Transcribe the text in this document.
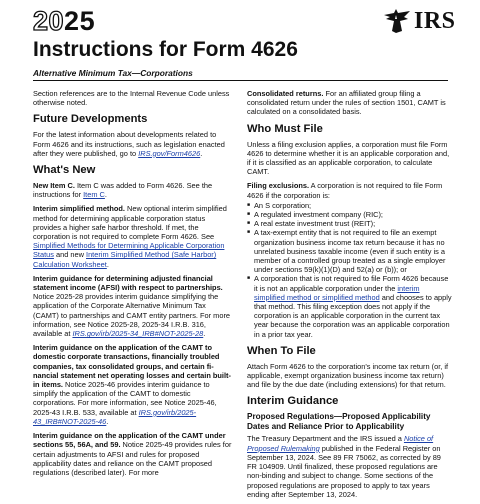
2025	IRS
Instructions for Form 4626
Alternative Minimum Tax—Corporations

Section references are to the Internal Revenue Code unless otherwise noted.

Future Developments

For the latest information about developments related to Form 4626 and its instructions, such as legislation enacted after they were published, go to IRS.gov/Form4626.

What's New

New Item C. Item C was added to Form 4626. See the instructions for Item C.

Interim simplified method. New optional interim simplified method for determining applicable corporation status provides a higher safe harbor threshold. If met, the corporation is not required to complete Form 4626. See Simplified Methods for Determining Applicable Corporation Status and new Interim Simplified Method (Safe Harbor) Calculation Worksheet.

Interim guidance for determining adjusted financial statement income (AFSI) with respect to partnerships. Notice 2025-28 provides interim guidance simplifying the application of the Corporate Alternative Minimum Tax (CAMT) to partnerships and CAMT entity partners. For more information, see Notice 2025-28, 2025-34 I.R.B. 316, available at IRS.gov/irb/2025-34_IRB#NOT-2025-28.

Interim guidance on the application of the CAMT to domestic corporate transactions, financially troubled companies, tax consolidated groups, and certain financial statement net operating losses and certain built-in items. Notice 2025-46 provides interim guidance to simplify the application of the CAMT to domestic corporations. For more information, see Notice 2025-46, 2025-43 I.R.B. 533, available at IRS.gov/irb/2025-43_IRB#NOT-2025-46.

Interim guidance on the application of the CAMT under sections 55, 56A, and 59. Notice 2025-49 provides rules for certain adjustments to AFSI and rules for proposed applicability dates and reliance on the CAMT proposed regulations (described later). For more

Consolidated returns. For an affiliated group filing a consolidated return under the rules of section 1501, CAMT is calculated on a consolidated basis.

Who Must File

Unless a filing exclusion applies, a corporation must file Form 4626 to determine whether it is an applicable corporation and, if it is classified as an applicable corporation, to calculate CAMT.

Filing exclusions. A corporation is not required to file Form 4626 if the corporation is:

■ An S corporation;
■ A regulated investment company (RIC);
■ A real estate investment trust (REIT);
■ A tax-exempt entity that is not required to file an exempt organization business income tax return because it has no unrelated business taxable income (even if such entity is a member of a controlled group treated as a single employer under sections 59(k)(1)(D) and 52(a) or (b)); or
■ A corporation that is not required to file Form 4626 because it is not an applicable corporation under the interim simplified method or simplified method and chooses to apply that method. This filing exception does not apply if the corporation is an applicable corporation in the current tax year because the corporation was an applicable corporation in a prior tax year.
When To File

Attach Form 4626 to the corporation's income tax return (or, if applicable, exempt organization business income tax return) and file by the due date (including extensions) for that return.

Interim Guidance
Proposed Regulations—Proposed Applicability Dates and Reliance Prior to Applicability

The Treasury Department and the IRS issued a Notice of Proposed Rulemaking published in the Federal Register on September 13, 2024. See 89 FR 75062, as corrected by 89 FR 104909. Until finalized, these proposed regulations are non-binding and subject to change. Some sections of the proposed regulations are proposed to apply to tax years ending after September 13, 2024.
